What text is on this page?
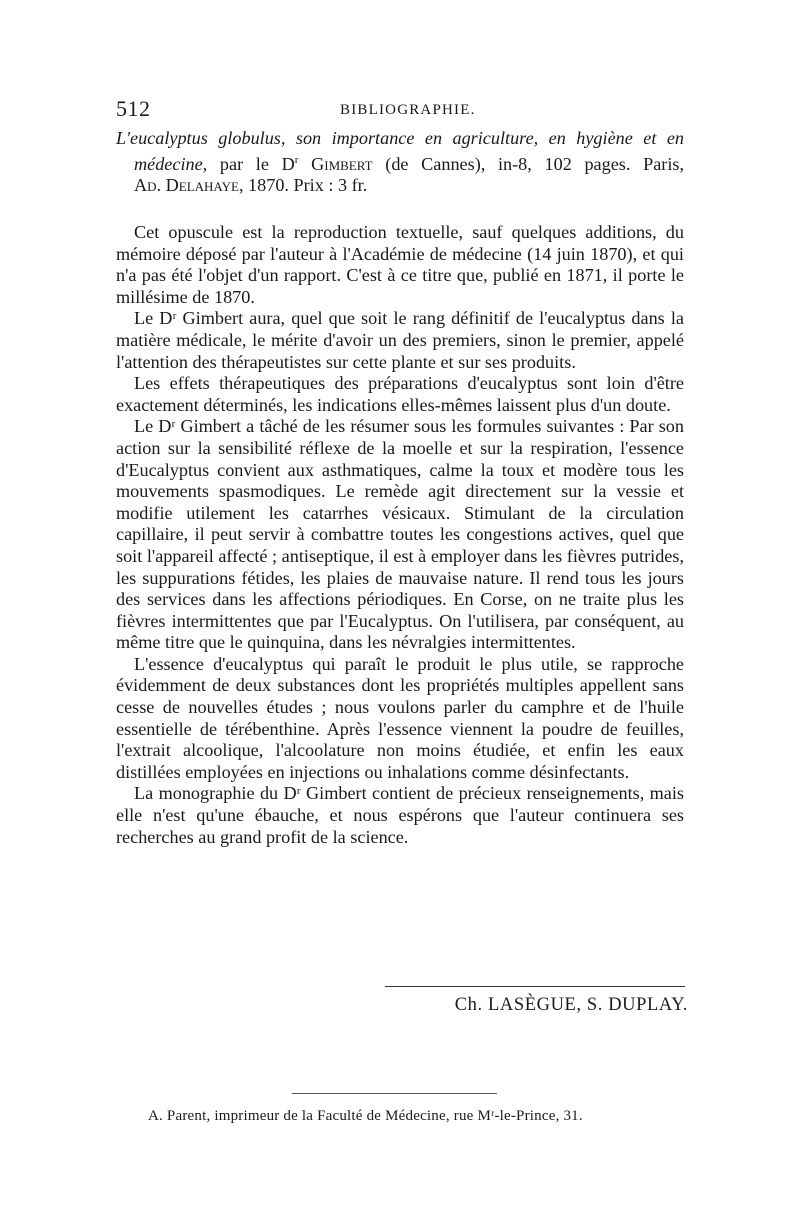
512	BIBLIOGRAPHIE.
L'eucalyptus globulus, son importance en agriculture, en hygiène et en
médecine, par le $D^r$ Gimbert (de Cannes), in-8, 102 pages. Paris,
Ad. Delahaye, 1870. Prix : 3 fr.

Cet opuscule est la reproduction textuelle, sauf quelques additions, du mémoire déposé par l'auteur à l'Académie de médecine (14 juin 1870), et qui n'a pas été l'objet d'un rapport. C'est à ce titre que, publié en 1871, il porte le millésime de 1870.

Le Dʳ Gimbert aura, quel que soit le rang définitif de l'eucalyptus dans la matière médicale, le mérite d'avoir un des premiers, sinon le premier, appelé l'attention des thérapeutistes sur cette plante et sur ses produits.

Les effets thérapeutiques des préparations d'eucalyptus sont loin d'être exactement déterminés, les indications elles-mêmes laissent plus d'un doute.

Le Dʳ Gimbert a tâché de les résumer sous les formules suivantes : Par son action sur la sensibilité réflexe de la moelle et sur la respiration, l'essence d'Eucalyptus convient aux asthmatiques, calme la toux et modère tous les mouvements spasmodiques. Le remède agit directement sur la vessie et modifie utilement les catarrhes vésicaux. Stimulant de la circulation capillaire, il peut servir à combattre toutes les congestions actives, quel que soit l'appareil affecté ; antiseptique, il est à employer dans les fièvres putrides, les suppurations fétides, les plaies de mauvaise nature. Il rend tous les jours des services dans les affections périodiques. En Corse, on ne traite plus les fièvres intermittentes que par l'Eucalyptus. On l'utilisera, par conséquent, au même titre que le quinquina, dans les névralgies intermittentes.

L'essence d'eucalyptus qui paraît le produit le plus utile, se rapproche évidemment de deux substances dont les propriétés multiples appellent sans cesse de nouvelles études ; nous voulons parler du camphre et de l'huile essentielle de térébenthine. Après l'essence viennent la poudre de feuilles, l'extrait alcoolique, l'alcoolature non moins étudiée, et enfin les eaux distillées employées en injections ou inhalations comme désinfectants.

La monographie du Dʳ Gimbert contient de précieux renseignements, mais elle n'est qu'une ébauche, et nous espérons que l'auteur continuera ses recherches au grand profit de la science.

Ch. LASÈGUE, S. DUPLAY.
A. Parent, imprimeur de la Faculté de Médecine, rue Mʳ-le-Prince, 31.
